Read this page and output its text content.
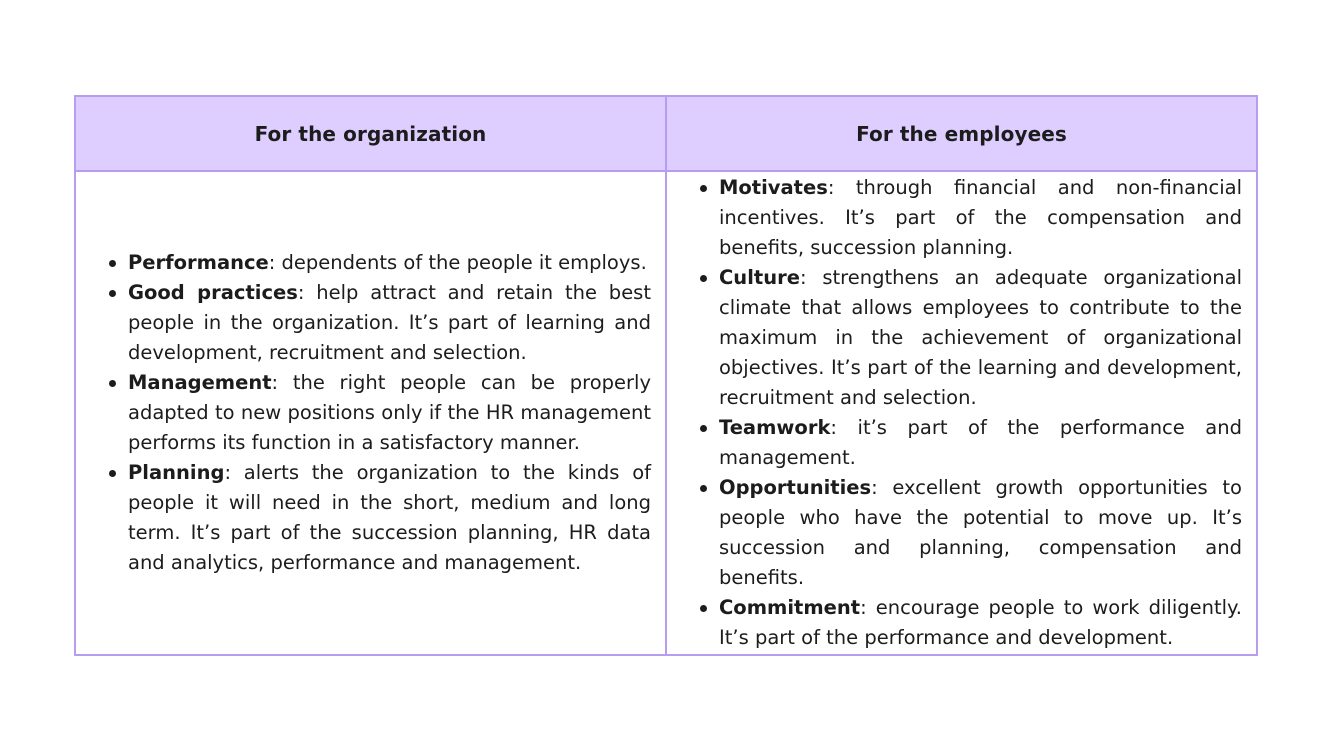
For the organization	For the employees
Performance: dependents of the people it employs.
Good practices: help attract and retain the best people in the organization. It’s part of learning and development, recruitment and selection.
Management: the right people can be properly adapted to new positions only if the HR management performs its function in a satisfactory manner.
Planning: alerts the organization to the kinds of people it will need in the short, medium and long term. It’s part of the succession planning, HR data and analytics, performance and management.
Motivates: through financial and non-financial incentives. It’s part of the compensation and benefits, succession planning.
Culture: strengthens an adequate organizational climate that allows employees to contribute to the maximum in the achievement of organizational objectives. It’s part of the learning and development, recruitment and selection.
Teamwork: it’s part of the performance and management.
Opportunities: excellent growth opportunities to people who have the potential to move up. It’s succession and planning, compensation and benefits.
Commitment: encourage people to work diligently. It’s part of the performance and development.
